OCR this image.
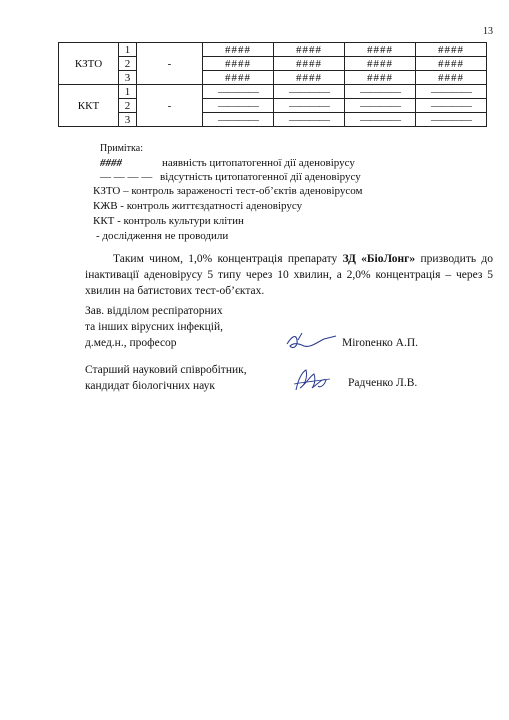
13
КЗТО	1	-	####	####	####	####
	2		####	####	####	####
	3		####	####	####	####
ККТ	1	-	————	————	————	————
	2		————	————	————	————
	3		————	————	————	————
Примітка:
####	наявність цитопатогенної дії аденовірусу
— — — — відсутність цитопатогенної дії аденовірусу
КЗТО – контроль зараженості тест-об’єктів аденовірусом
КЖВ - контроль життєздатності аденовірусу
ККТ - контроль культури клітин
- дослідження не проводили

Таким чином, 1,0% концентрація препарату ЗД «БіоЛонг» призводить до інактивації аденовірусу 5 типу через 10 хвилин, а 2,0% концентрація – через 5 хвилин на батистових тест-об’єктах.

Зав. відділом респіраторних
та інших вірусних інфекцій,
д.мед.н., професор	Мironенко А.П.
Старший науковий співробітник,
кандидат біологічних наук	Радченко Л.В.
